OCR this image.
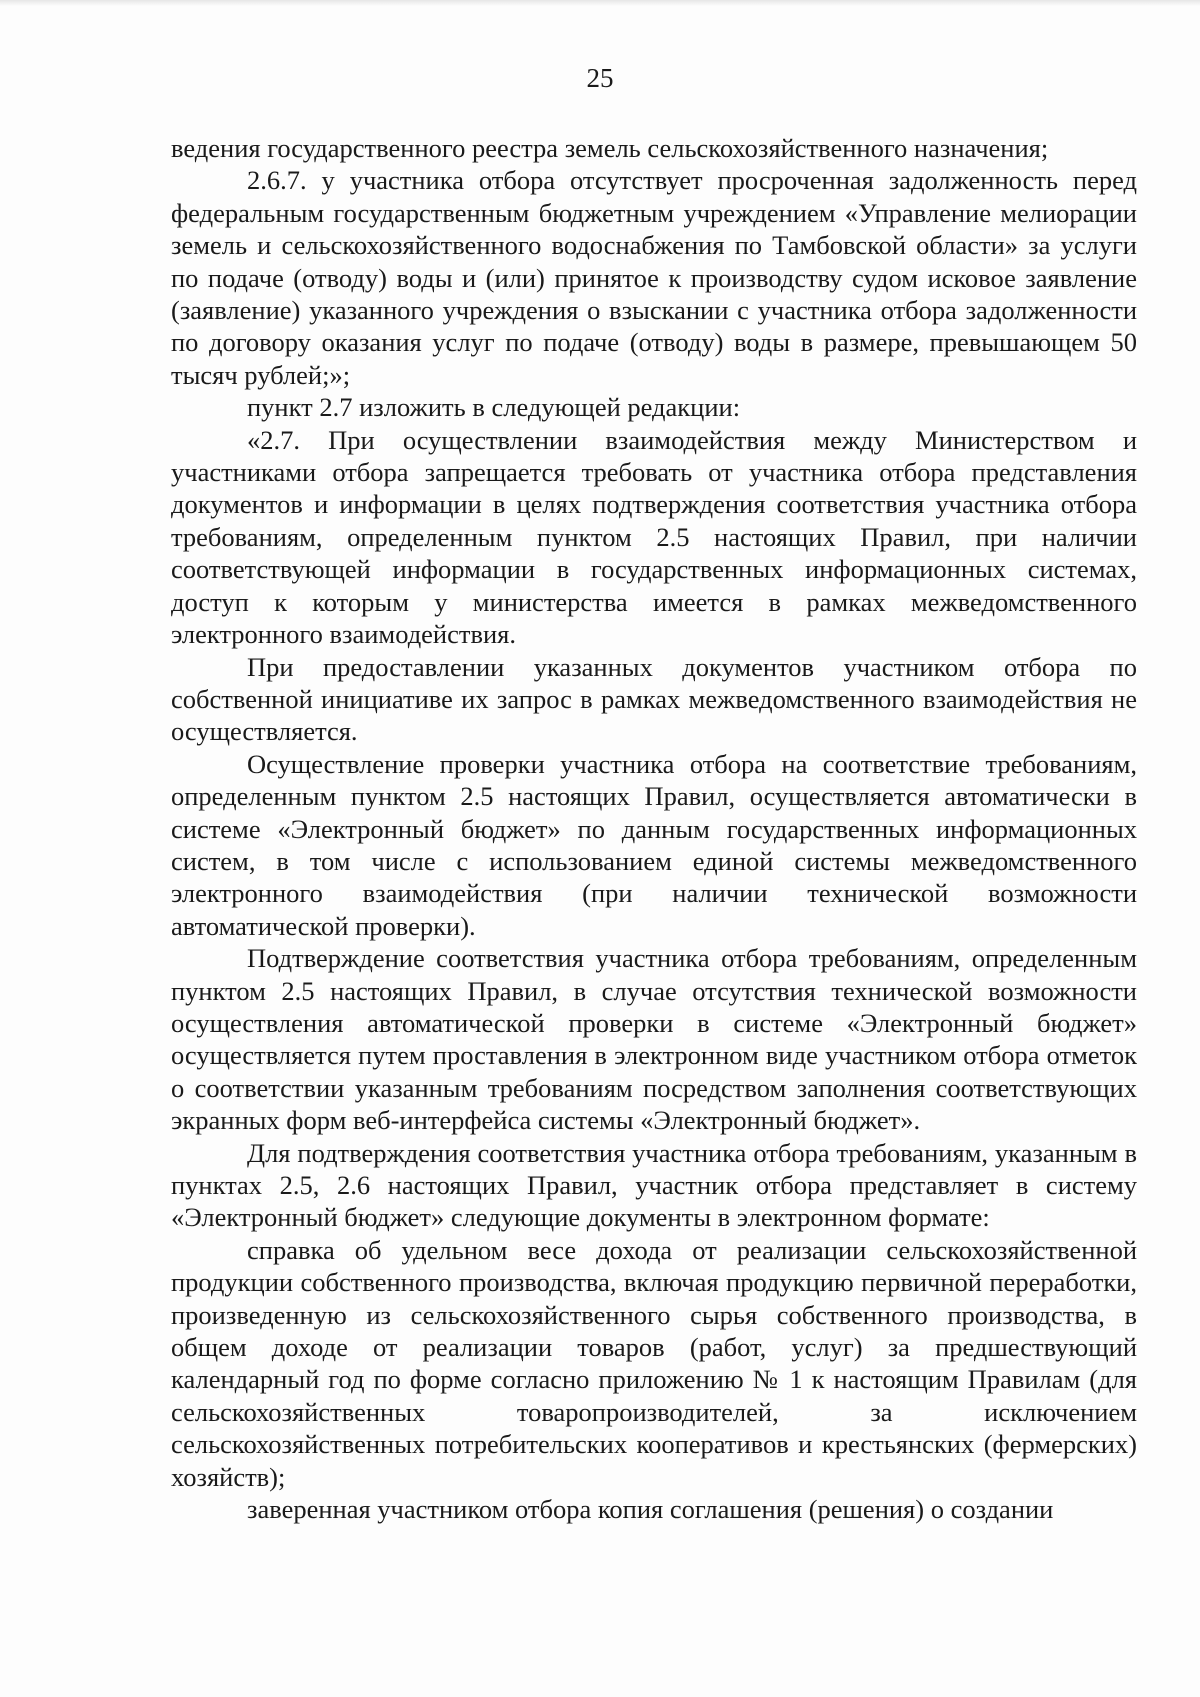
25

ведения государственного реестра земель сельскохозяйственного назначения;

2.6.7. у участника отбора отсутствует просроченная задолженность перед федеральным государственным бюджетным учреждением «Управление мелиорации земель и сельскохозяйственного водоснабжения по Тамбовской области» за услуги по подаче (отводу) воды и (или) принятое к производству судом исковое заявление (заявление) указанного учреждения о взыскании с участника отбора задолженности по договору оказания услуг по подаче (отводу) воды в размере, превышающем 50 тысяч рублей;»;

пункт 2.7 изложить в следующей редакции:

«2.7. При осуществлении взаимодействия между Министерством и участниками отбора запрещается требовать от участника отбора представления документов и информации в целях подтверждения соответствия участника отбора требованиям, определенным пунктом 2.5 настоящих Правил, при наличии соответствующей информации в государственных информационных системах, доступ к которым у министерства имеется в рамках межведомственного электронного взаимодействия.

При предоставлении указанных документов участником отбора по собственной инициативе их запрос в рамках межведомственного взаимодействия не осуществляется.

Осуществление проверки участника отбора на соответствие требованиям, определенным пунктом 2.5 настоящих Правил, осуществляется автоматически в системе «Электронный бюджет» по данным государственных информационных систем, в том числе с использованием единой системы межведомственного электронного взаимодействия (при наличии технической возможности автоматической проверки).

Подтверждение соответствия участника отбора требованиям, определенным пунктом 2.5 настоящих Правил, в случае отсутствия технической возможности осуществления автоматической проверки в системе «Электронный бюджет» осуществляется путем проставления в электронном виде участником отбора отметок о соответствии указанным требованиям посредством заполнения соответствующих экранных форм веб-интерфейса системы «Электронный бюджет».

Для подтверждения соответствия участника отбора требованиям, указанным в пунктах 2.5, 2.6 настоящих Правил, участник отбора представляет в систему «Электронный бюджет» следующие документы в электронном формате:

справка об удельном весе дохода от реализации сельскохозяйственной продукции собственного производства, включая продукцию первичной переработки, произведенную из сельскохозяйственного сырья собственного производства, в общем доходе от реализации товаров (работ, услуг) за предшествующий календарный год по форме согласно приложению № 1 к настоящим Правилам (для сельскохозяйственных товаропроизводителей, за исключением сельскохозяйственных потребительских кооперативов и крестьянских (фермерских) хозяйств);

заверенная участником отбора копия соглашения (решения) о создании
